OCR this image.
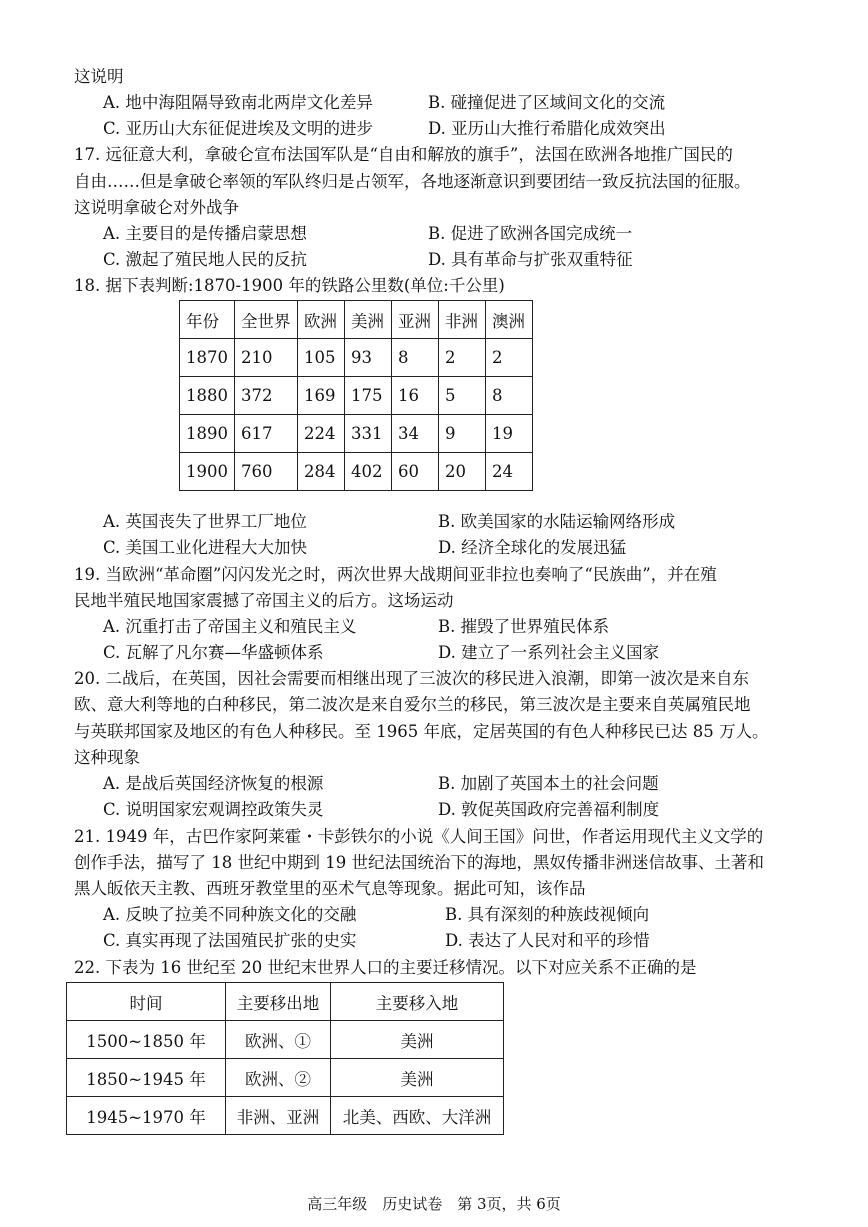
这说明
A. 地中海阻隔导致南北两岸文化差异	B. 碰撞促进了区域间文化的交流
C. 亚历山大东征促进埃及文明的进步	D. 亚历山大推行希腊化成效突出
17. 远征意大利，拿破仑宣布法国军队是“自由和解放的旗手”，法国在欧洲各地推广国民的
自由……但是拿破仑率领的军队终归是占领军，各地逐渐意识到要团结一致反抗法国的征服。
这说明拿破仑对外战争
A. 主要目的是传播启蒙思想	B. 促进了欧洲各国完成统一
C. 激起了殖民地人民的反抗	D. 具有革命与扩张双重特征
18. 据下表判断:1870-1900 年的铁路公里数(单位:千公里)
年份	全世界	欧洲	美洲	亚洲	非洲	澳洲
1870	210	105	93	8	2	2
1880	372	169	175	16	5	8
1890	617	224	331	34	9	19
1900	760	284	402	60	20	24
A. 英国丧失了世界工厂地位	B. 欧美国家的水陆运输网络形成
C. 美国工业化进程大大加快	D. 经济全球化的发展迅猛
19. 当欧洲“革命圈”闪闪发光之时，两次世界大战期间亚非拉也奏响了“民族曲”，并在殖
民地半殖民地国家震撼了帝国主义的后方。这场运动
A. 沉重打击了帝国主义和殖民主义	B. 摧毁了世界殖民体系
C. 瓦解了凡尔赛—华盛顿体系	D. 建立了一系列社会主义国家
20. 二战后，在英国，因社会需要而相继出现了三波次的移民进入浪潮，即第一波次是来自东
欧、意大利等地的白种移民，第二波次是来自爱尔兰的移民，第三波次是主要来自英属殖民地
与英联邦国家及地区的有色人种移民。至 1965 年底，定居英国的有色人种移民已达 85 万人。
这种现象
A. 是战后英国经济恢复的根源	B. 加剧了英国本土的社会问题
C. 说明国家宏观调控政策失灵	D. 敦促英国政府完善福利制度
21. 1949 年，古巴作家阿莱霍・卡彭铁尔的小说《人间王国》问世，作者运用现代主义文学的
创作手法，描写了 18 世纪中期到 19 世纪法国统治下的海地，黑奴传播非洲迷信故事、土著和
黑人皈依天主教、西班牙教堂里的巫术气息等现象。据此可知，该作品
A. 反映了拉美不同种族文化的交融	B. 具有深刻的种族歧视倾向
C. 真实再现了法国殖民扩张的史实	D. 表达了人民对和平的珍惜
22. 下表为 16 世纪至 20 世纪末世界人口的主要迁移情况。以下对应关系不正确的是
时间	主要移出地	主要移入地
1500~1850 年	欧洲、①	美洲
1850~1945 年	欧洲、②	美洲
1945~1970 年	非洲、亚洲	北美、西欧、大洋洲
高三年级　历史试卷　第 3页，共 6页
